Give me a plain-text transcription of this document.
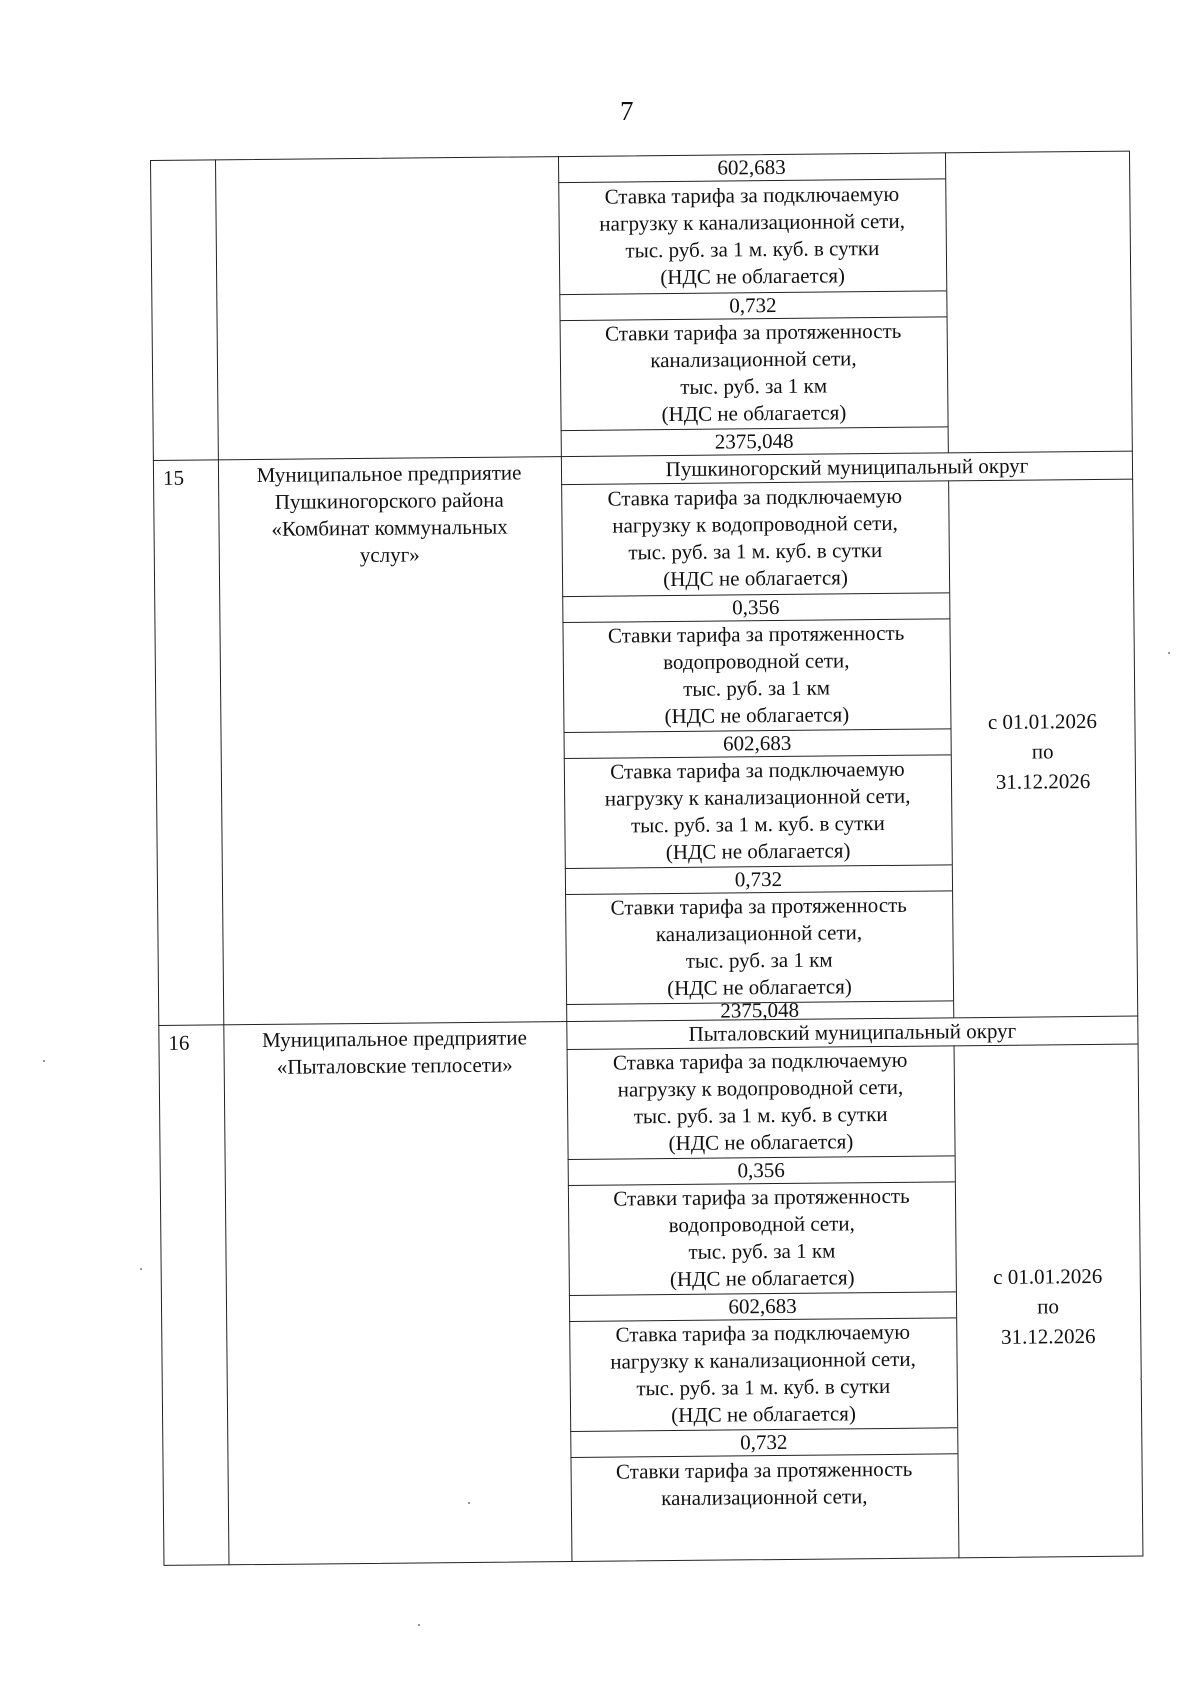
7
602,683
Ставка тарифа за подключаемую
нагрузку к канализационной сети,
тыс. руб. за 1 м. куб. в сутки
(НДС не облагается)
0,732
Ставки тарифа за протяженность
канализационной сети,
тыс. руб. за 1 км
(НДС не облагается)
2375,048
15	Муниципальное предприятие
Пушкиногорского района
«Комбинат коммунальных
услуг»
Пушкиногорский муниципальный округ
Ставка тарифа за подключаемую
нагрузку к водопроводной сети,
тыс. руб. за 1 м. куб. в сутки
(НДС не облагается)
0,356
Ставки тарифа за протяженность
водопроводной сети,
тыс. руб. за 1 км
(НДС не облагается)
602,683
Ставка тарифа за подключаемую
нагрузку к канализационной сети,
тыс. руб. за 1 м. куб. в сутки
(НДС не облагается)
0,732
Ставки тарифа за протяженность
канализационной сети,
тыс. руб. за 1 км
(НДС не облагается)
2375,048
с 01.01.2026
по
31.12.2026
16	Муниципальное предприятие
«Пыталовские теплосети»
Пыталовский муниципальный округ
Ставка тарифа за подключаемую
нагрузку к водопроводной сети,
тыс. руб. за 1 м. куб. в сутки
(НДС не облагается)
0,356
Ставки тарифа за протяженность
водопроводной сети,
тыс. руб. за 1 км
(НДС не облагается)
602,683
Ставка тарифа за подключаемую
нагрузку к канализационной сети,
тыс. руб. за 1 м. куб. в сутки
(НДС не облагается)
0,732
Ставки тарифа за протяженность
канализационной сети,
с 01.01.2026
по
31.12.2026
